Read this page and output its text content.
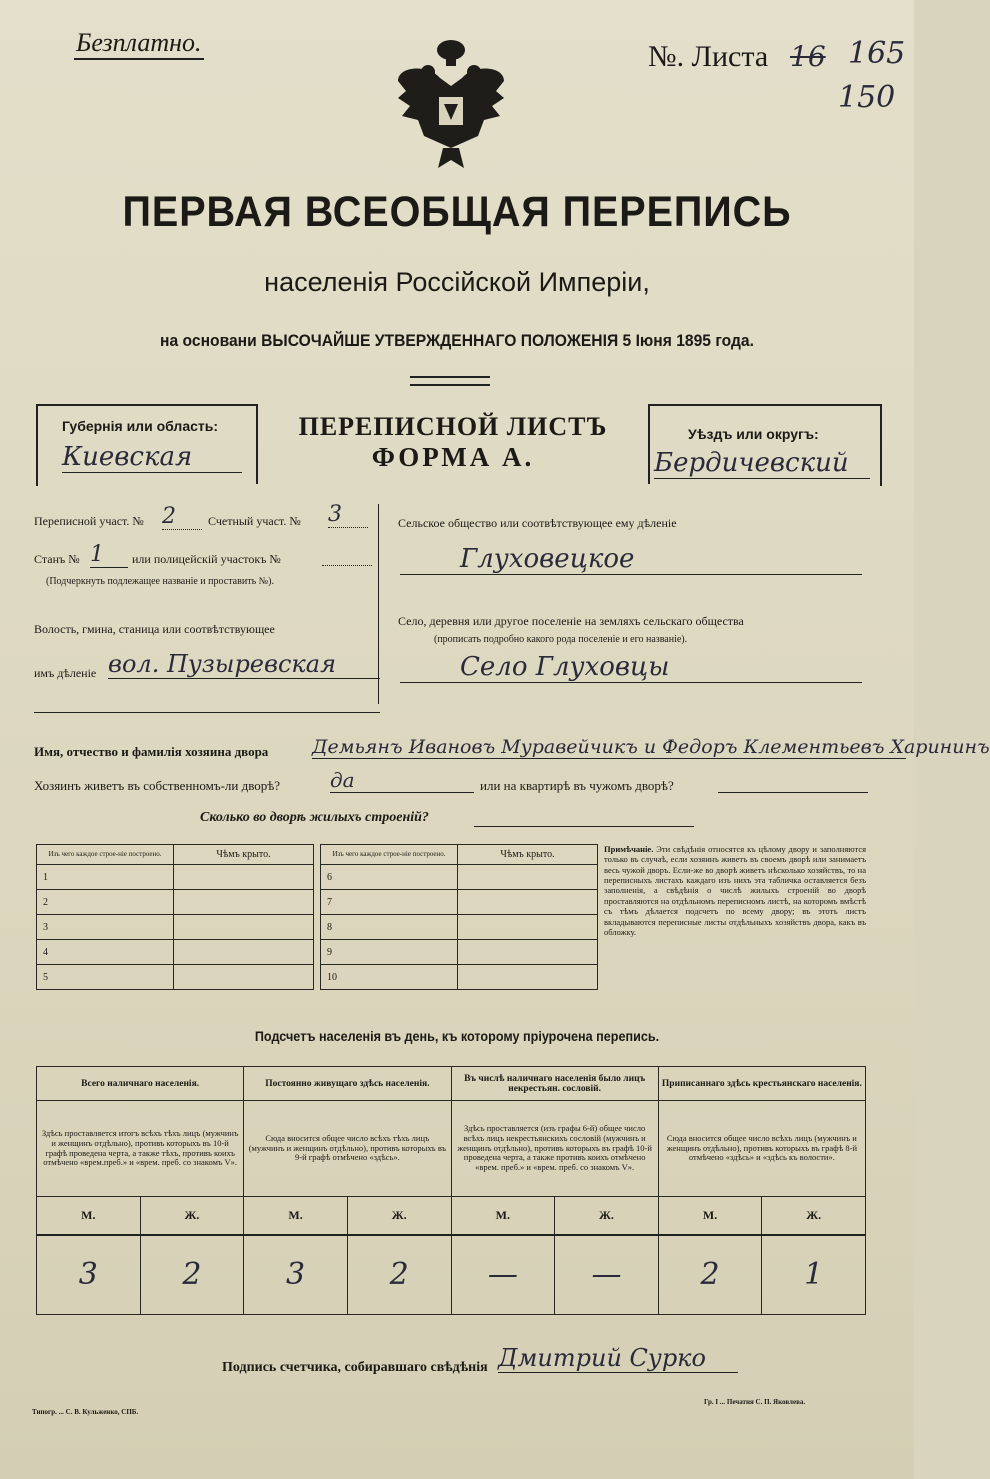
Безплатно.	№. Листа 16 165
150
ПЕРВАЯ ВСЕОБЩАЯ ПЕРЕПИСЬ
населенія Россійской Имперіи,
на основани ВЫСОЧАЙШЕ УТВЕРЖДЕННАГО ПОЛОЖЕНІЯ 5 Іюня 1895 года.
Губернія или область:
Киевская
ПЕРЕПИСНОЙ ЛИСТЪ
ФОРМА А.
Уѣздъ или округъ:
Бердичевский
Переписной участ. № 2	Счетный участ. № 3
Станъ № 1	или полицейскій участокъ №
(Подчеркнуть подлежащее названіе и проставить №).
Волость, гмина, станица или соотвѣтствующее
имъ дѣленіе вол. Пузыревская
Сельское общество или соотвѣтствующее ему дѣленіе
Глуховецкое
Село, деревня или другое поселеніе на земляхъ сельскаго общества
(прописать подробно какого рода поселеніе и его названіе).
Село Глуховцы
Имя, отчество и фамилія хозяина двора Демьянъ Ивановъ Муравейчикъ и Федоръ Клементьевъ Харининъ
Хозяинъ живетъ въ собственномъ-ли дворѣ? да	или на квартирѣ въ чужомъ дворѣ?
Сколько во дворѣ жилыхъ строеній?
Изъ чего каждое строе-ніе построено.	Чѣмъ крыто.
1	
2	
3	
4	
5	
Изъ чего каждое строе-ніе построено.	Чѣмъ крыто.
6	
7	
8	
9	
10	
Примѣчаніе. Эти свѣдѣнія относятся къ цѣлому двору и заполняются только въ случаѣ, если хозяинъ живетъ въ своемъ дворѣ или занимаетъ весь чужой дворъ. Если-же во дворѣ живетъ нѣсколько хозяйствъ, то на переписныхъ листахъ каждаго изъ нихъ эта табличка оставляется безъ заполненія, а свѣдѣнія о числѣ жилыхъ строеній во дворѣ проставляются на отдѣльномъ переписномъ листѣ, на которомъ вмѣстѣ съ тѣмъ дѣлается подсчетъ по всему двору; въ этотъ листъ вкладываются переписные листы отдѣльныхъ хозяйствъ двора, какъ въ обложку.
Подсчетъ населенія въ день, къ которому пріурочена перепись.
Всего наличнаго населенія.		Постоянно живущаго здѣсь населенія.		Въ числѣ наличнаго населенія было лицъ некрестьян. сословій.		Приписаннаго здѣсь крестьянскаго населенія.	
Здѣсь проставляется итогъ всѣхъ тѣхъ лицъ (мужчинъ и женщинъ отдѣльно), противъ которыхъ въ 10-й графѣ проведена черта, а также тѣхъ, противъ коихъ отмѣчено «врем.преб.» и «врем. преб. со знакомъ V».		Сюда вносится общее число всѣхъ тѣхъ лицъ (мужчинъ и женщинъ отдѣльно), противъ которыхъ въ 9-й графѣ отмѣчено «здѣсь».		Здѣсь проставляется (изъ графы 6-й) общее число всѣхъ лицъ некрестьянскихъ сословій (мужчинъ и женщинъ отдѣльно), противъ которыхъ въ графѣ 10-й проведена черта, а также противъ коихъ отмѣчено «врем. преб.» и «врем. преб. со знакомъ V».		Сюда вносится общее число всѣхъ лицъ (мужчинъ и женщинъ отдѣльно), противъ которыхъ въ графѣ 8-й отмѣчено «здѣсь» и «здѣсь къ волости».	
М.	Ж.	М.	Ж.	М.	Ж.	М.	Ж.
3	2	3	2	—	—	2	1
Подпись счетчика, собиравшаго свѣдѣнія Дмитрий Сурко
Типогр. ... С. В. Кульженко, СПБ.
Гр. І ... Печатня С. П. Яковлева.
